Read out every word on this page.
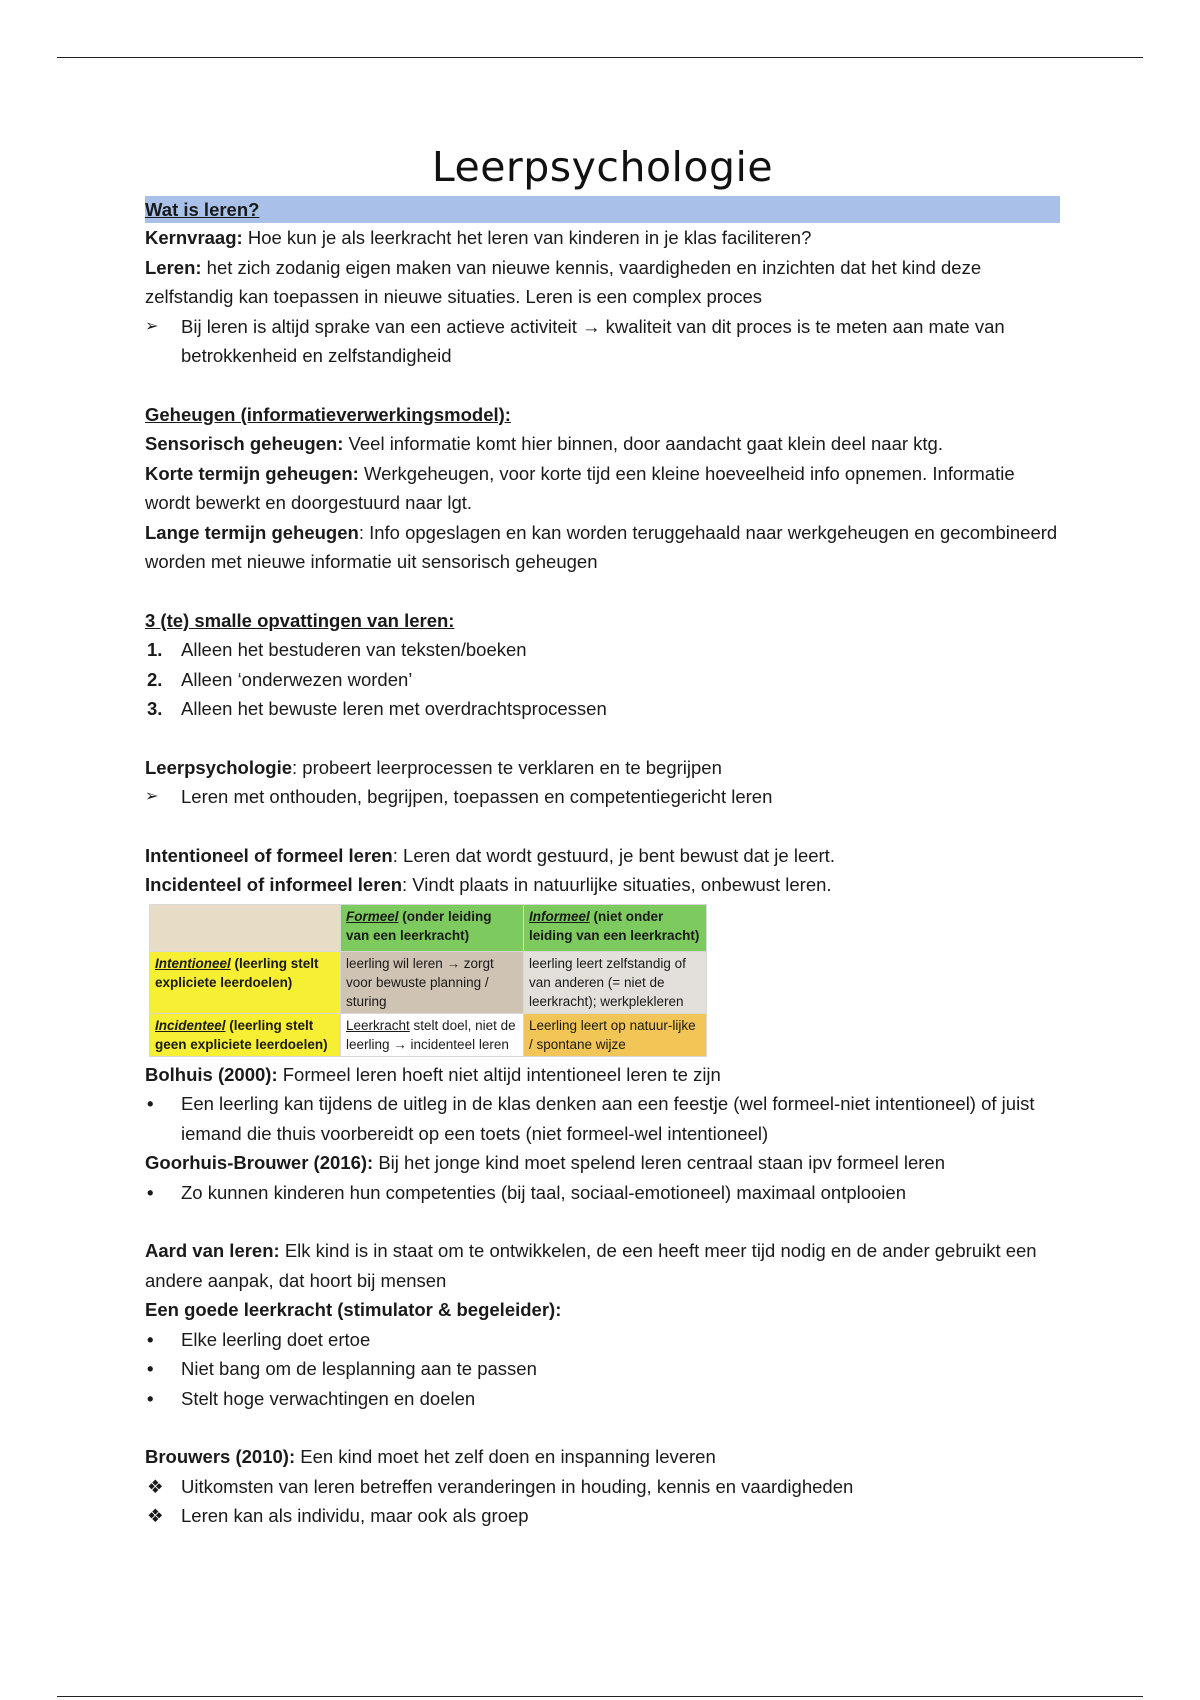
Leerpsychologie
Wat is leren?

Kernvraag: Hoe kun je als leerkracht het leren van kinderen in je klas faciliteren?

Leren: het zich zodanig eigen maken van nieuwe kennis, vaardigheden en inzichten dat het kind deze zelfstandig kan toepassen in nieuwe situaties. Leren is een complex proces

➢ Bij leren is altijd sprake van een actieve activiteit → kwaliteit van dit proces is te meten aan mate van betrokkenheid en zelfstandigheid

Geheugen (informatieverwerkingsmodel):

Sensorisch geheugen: Veel informatie komt hier binnen, door aandacht gaat klein deel naar ktg.

Korte termijn geheugen: Werkgeheugen, voor korte tijd een kleine hoeveelheid info opnemen. Informatie wordt bewerkt en doorgestuurd naar lgt.

Lange termijn geheugen: Info opgeslagen en kan worden teruggehaald naar werkgeheugen en gecombineerd worden met nieuwe informatie uit sensorisch geheugen

3 (te) smalle opvattingen van leren:

1.	Alleen het bestuderen van teksten/boeken
2.	Alleen ‘onderwezen worden’
3.	Alleen het bewuste leren met overdrachtsprocessen

Leerpsychologie: probeert leerprocessen te verklaren en te begrijpen

➢ Leren met onthouden, begrijpen, toepassen en competentiegericht leren

Intentioneel of formeel leren: Leren dat wordt gestuurd, je bent bewust dat je leert.

Incidenteel of informeel leren: Vindt plaats in natuurlijke situaties, onbewust leren.

	Formeel (onder leiding van een leerkracht)	Informeel (niet onder leiding van een leerkracht)
Intentioneel (leerling stelt expliciete leerdoelen)	leerling wil leren → zorgt voor bewuste planning / sturing	leerling leert zelfstandig of van anderen (= niet de leerkracht); werkplekleren
Incidenteel (leerling stelt geen expliciete leerdoelen)	Leerkracht stelt doel, niet de leerling → incidenteel leren	Leerling leert op natuur-lijke / spontane wijze

Bolhuis (2000): Formeel leren hoeft niet altijd intentioneel leren te zijn

•	Een leerling kan tijdens de uitleg in de klas denken aan een feestje (wel formeel-niet intentioneel) of juist iemand die thuis voorbereidt op een toets (niet formeel-wel intentioneel)

Goorhuis-Brouwer (2016): Bij het jonge kind moet spelend leren centraal staan ipv formeel leren

•	Zo kunnen kinderen hun competenties (bij taal, sociaal-emotioneel) maximaal ontplooien

Aard van leren: Elk kind is in staat om te ontwikkelen, de een heeft meer tijd nodig en de ander gebruikt een andere aanpak, dat hoort bij mensen

Een goede leerkracht (stimulator & begeleider):

•	Elke leerling doet ertoe
•	Niet bang om de lesplanning aan te passen
•	Stelt hoge verwachtingen en doelen

Brouwers (2010): Een kind moet het zelf doen en inspanning leveren

❖ Uitkomsten van leren betreffen veranderingen in houding, kennis en vaardigheden
❖ Leren kan als individu, maar ook als groep
